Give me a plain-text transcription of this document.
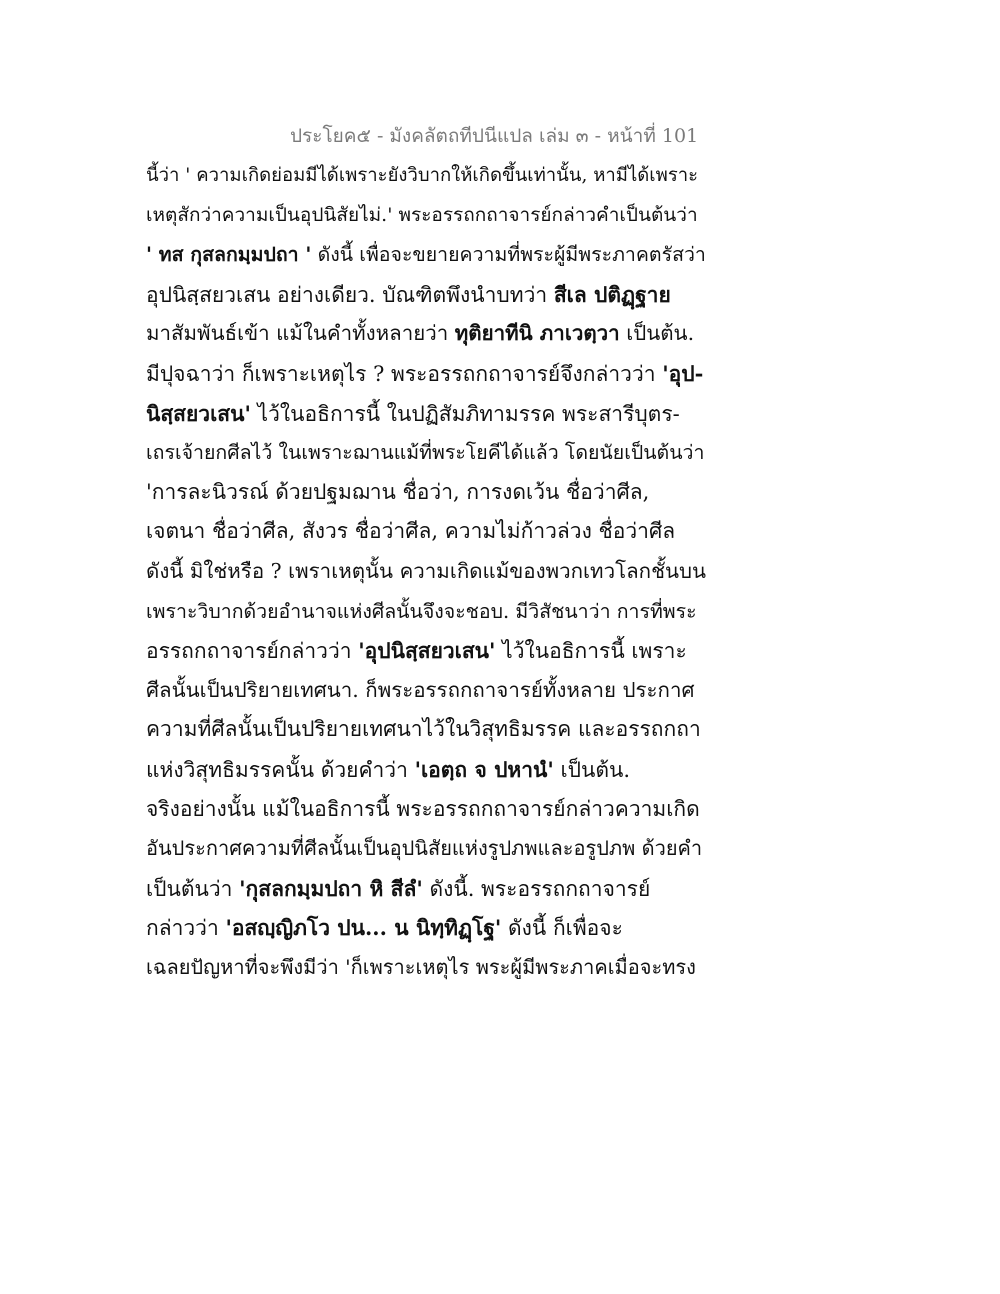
ประโยค๕ - มังคลัตถทีปนีแปล เล่ม ๓ - หน้าที่ 101
นี้ว่า ' ความเกิดย่อมมีได้เพราะยังวิบากให้เกิดขึ้นเท่านั้น, หามีได้เพราะ
เหตุสักว่าความเป็นอุปนิสัยไม่.' พระอรรถกถาจารย์กล่าวคำเป็นต้นว่า
' ทส กุสลกมฺมปถา ' ดังนี้ เพื่อจะขยายความที่พระผู้มีพระภาคตรัสว่า
อุปนิสฺสยวเสน อย่างเดียว. บัณฑิตพึงนำบทว่า สีเล ปติฏฺฐาย
มาสัมพันธ์เข้า แม้ในคำทั้งหลายว่า ทุติยาทีนิ ภาเวตฺวา เป็นต้น.
มีปุจฉาว่า ก็เพราะเหตุไร ? พระอรรถกถาจารย์จึงกล่าวว่า 'อุป-
นิสฺสยวเสน' ไว้ในอธิการนี้ ในปฏิสัมภิทามรรค พระสารีบุตร-
เถรเจ้ายกศีลไว้ ในเพราะฌานแม้ที่พระโยคีได้แล้ว โดยนัยเป็นต้นว่า
'การละนิวรณ์ ด้วยปฐมฌาน ชื่อว่า, การงดเว้น ชื่อว่าศีล,
เจตนา ชื่อว่าศีล, สังวร ชื่อว่าศีล, ความไม่ก้าวล่วง ชื่อว่าศีล
ดังนี้ มิใช่หรือ ? เพราเหตุนั้น ความเกิดแม้ของพวกเทวโลกชั้นบน
เพราะวิบากด้วยอำนาจแห่งศีลนั้นจึงจะชอบ. มีวิสัชนาว่า การที่พระ
อรรถกถาจารย์กล่าวว่า 'อุปนิสฺสยวเสน' ไว้ในอธิการนี้ เพราะ
ศีลนั้นเป็นปริยายเทศนา. ก็พระอรรถกถาจารย์ทั้งหลาย ประกาศ
ความที่ศีลนั้นเป็นปริยายเทศนาไว้ในวิสุทธิมรรค และอรรถกถา
แห่งวิสุทธิมรรคนั้น ด้วยคำว่า 'เอตฺถ จ ปหานํ' เป็นต้น.
จริงอย่างนั้น แม้ในอธิการนี้ พระอรรถกถาจารย์กล่าวความเกิด
อันประกาศความที่ศีลนั้นเป็นอุปนิสัยแห่งรูปภพและอรูปภพ ด้วยคำ
เป็นต้นว่า 'กุสลกมฺมปถา หิ สีลํ' ดังนี้. พระอรรถกถาจารย์
กล่าวว่า 'อสญฺญิภโว ปน... น นิทฺทิฏฺโฐ' ดังนี้ ก็เพื่อจะ
เฉลยปัญหาที่จะพึงมีว่า 'ก็เพราะเหตุไร พระผู้มีพระภาคเมื่อจะทรง
